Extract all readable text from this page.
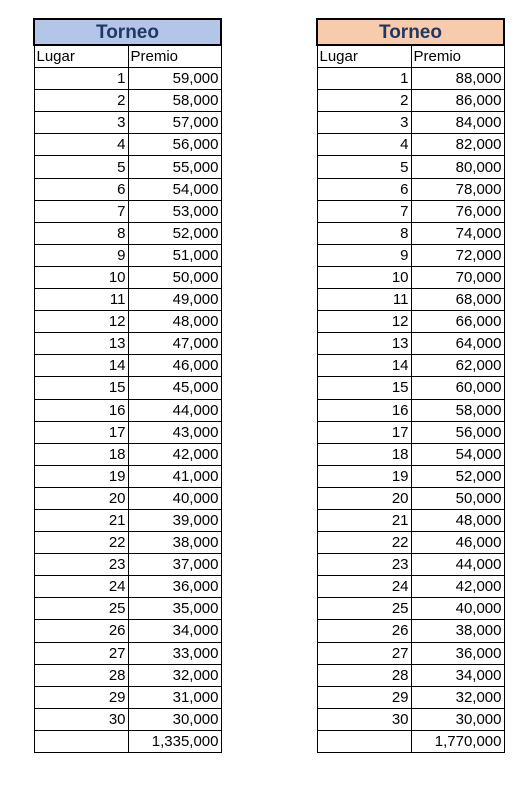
Torneo	
Lugar	Premio
1	59,000
2	58,000
3	57,000
4	56,000
5	55,000
6	54,000
7	53,000
8	52,000
9	51,000
10	50,000
11	49,000
12	48,000
13	47,000
14	46,000
15	45,000
16	44,000
17	43,000
18	42,000
19	41,000
20	40,000
21	39,000
22	38,000
23	37,000
24	36,000
25	35,000
26	34,000
27	33,000
28	32,000
29	31,000
30	30,000
	1,335,000
Torneo	
Lugar	Premio
1	88,000
2	86,000
3	84,000
4	82,000
5	80,000
6	78,000
7	76,000
8	74,000
9	72,000
10	70,000
11	68,000
12	66,000
13	64,000
14	62,000
15	60,000
16	58,000
17	56,000
18	54,000
19	52,000
20	50,000
21	48,000
22	46,000
23	44,000
24	42,000
25	40,000
26	38,000
27	36,000
28	34,000
29	32,000
30	30,000
	1,770,000
